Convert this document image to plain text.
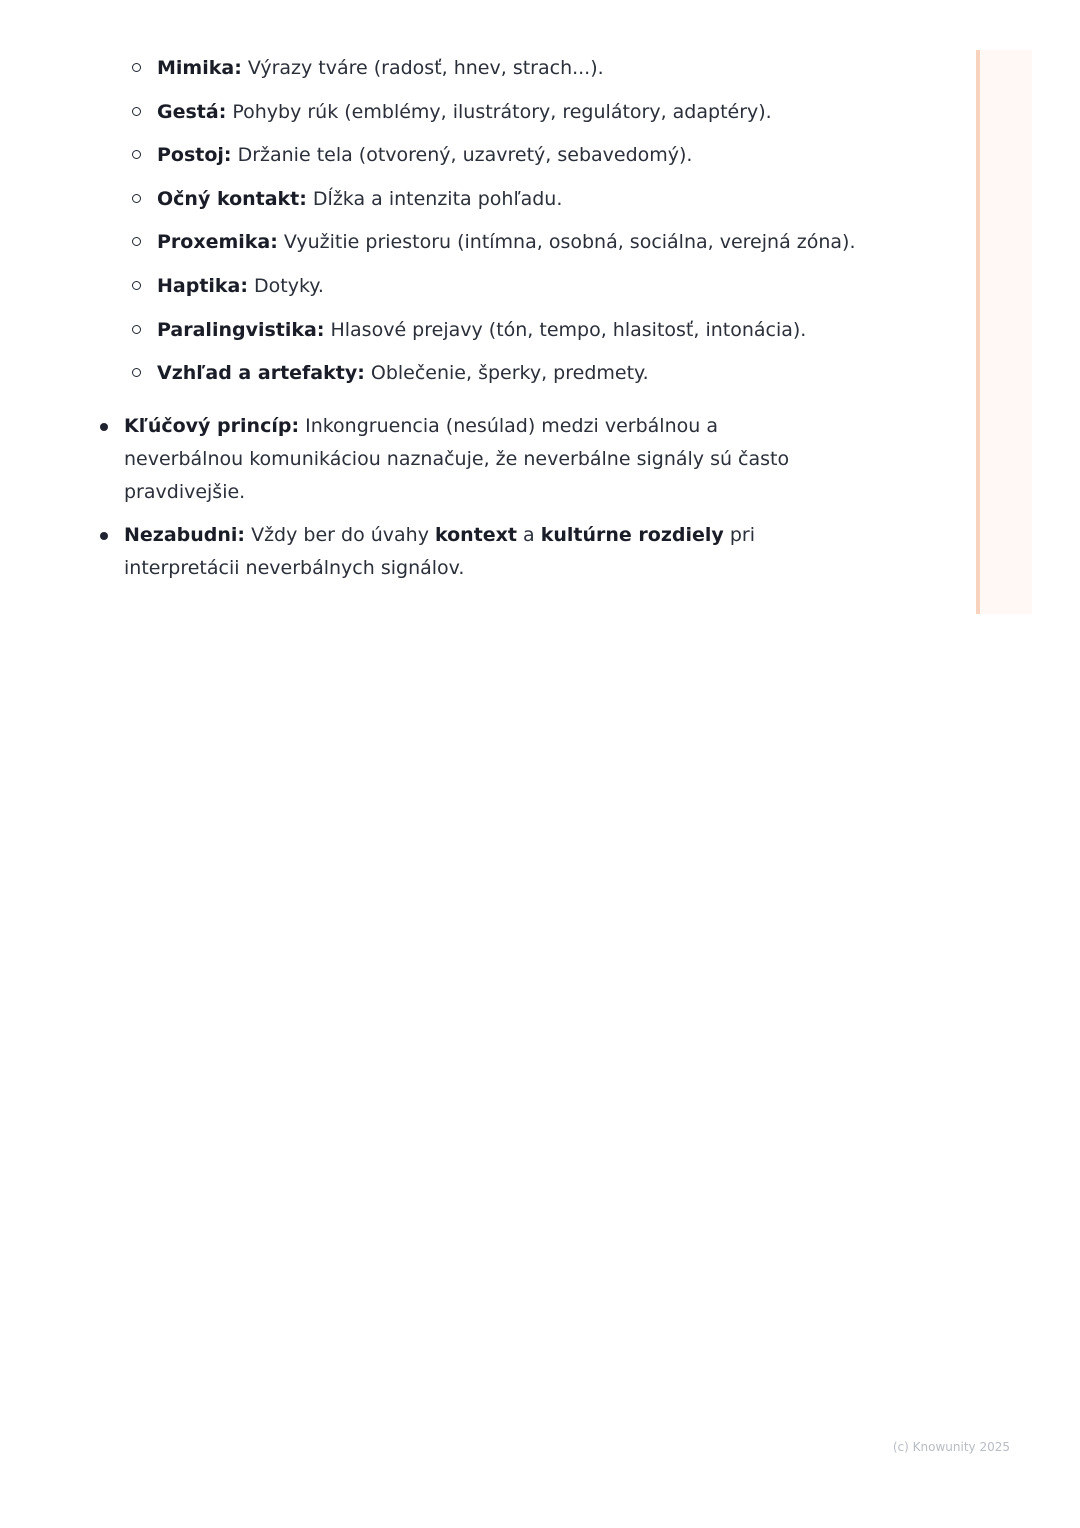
Mimika: Výrazy tváre (radosť, hnev, strach...).
Gestá: Pohyby rúk (emblémy, ilustrátory, regulátory, adaptéry).
Postoj: Držanie tela (otvorený, uzavretý, sebavedomý).
Očný kontakt: Dĺžka a intenzita pohľadu.
Proxemika: Využitie priestoru (intímna, osobná, sociálna, verejná zóna).
Haptika: Dotyky.
Paralingvistika: Hlasové prejavy (tón, tempo, hlasitosť, intonácia).
Vzhľad a artefakty: Oblečenie, šperky, predmety.
Kľúčový princíp: Inkongruencia (nesúlad) medzi verbálnou a neverbálnou komunikáciou naznačuje, že neverbálne signály sú často pravdivejšie.
Nezabudni: Vždy ber do úvahy kontext a kultúrne rozdiely pri interpretácii neverbálnych signálov.
(c) Knowunity 2025
